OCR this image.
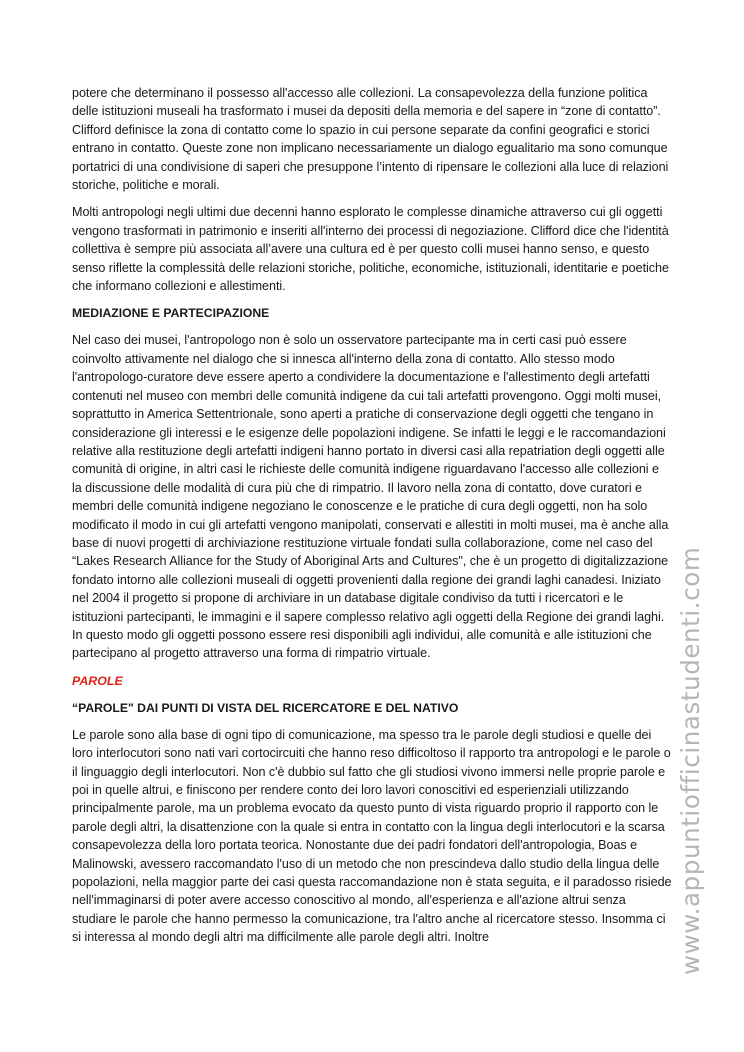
potere che determinano il possesso all'accesso alle collezioni. La consapevolezza della funzione politica delle istituzioni museali ha trasformato i musei da depositi della memoria e del sapere in “zone di contatto”. Clifford definisce la zona di contatto come lo spazio in cui persone separate da confini geografici e storici entrano in contatto. Queste zone non implicano necessariamente un dialogo egualitario ma sono comunque portatrici di una condivisione di saperi che presuppone l’intento di ripensare le collezioni alla luce di relazioni storiche, politiche e morali.

Molti antropologi negli ultimi due decenni hanno esplorato le complesse dinamiche attraverso cui gli oggetti vengono trasformati in patrimonio e inseriti all'interno dei processi di negoziazione. Clifford dice che l'identità collettiva è sempre più associata all’avere una cultura ed è per questo colli musei hanno senso, e questo senso riflette la complessità delle relazioni storiche, politiche, economiche, istituzionali, identitarie e poetiche che informano collezioni e allestimenti.

MEDIAZIONE E PARTECIPAZIONE

Nel caso dei musei, l'antropologo non è solo un osservatore partecipante ma in certi casi può essere coinvolto attivamente nel dialogo che si innesca all'interno della zona di contatto. Allo stesso modo l'antropologo-curatore deve essere aperto a condividere la documentazione e l'allestimento degli artefatti contenuti nel museo con membri delle comunità indigene da cui tali artefatti provengono. Oggi molti musei, soprattutto in America Settentrionale, sono aperti a pratiche di conservazione degli oggetti che tengano in considerazione gli interessi e le esigenze delle popolazioni indigene. Se infatti le leggi e le raccomandazioni relative alla restituzione degli artefatti indigeni hanno portato in diversi casi alla repatriation degli oggetti alle comunità di origine, in altri casi le richieste delle comunità indigene riguardavano l'accesso alle collezioni e la discussione delle modalità di cura più che di rimpatrio. Il lavoro nella zona di contatto, dove curatori e membri delle comunità indigene negoziano le conoscenze e le pratiche di cura degli oggetti, non ha solo modificato il modo in cui gli artefatti vengono manipolati, conservati e allestiti in molti musei, ma è anche alla base di nuovi progetti di archiviazione restituzione virtuale fondati sulla collaborazione, come nel caso del “Lakes Research Alliance for the Study of Aboriginal Arts and Cultures", che è un progetto di digitalizzazione fondato intorno alle collezioni museali di oggetti provenienti dalla regione dei grandi laghi canadesi. Iniziato nel 2004 il progetto si propone di archiviare in un database digitale condiviso da tutti i ricercatori e le istituzioni partecipanti, le immagini e il sapere complesso relativo agli oggetti della Regione dei grandi laghi. In questo modo gli oggetti possono essere resi disponibili agli individui, alle comunità e alle istituzioni che partecipano al progetto attraverso una forma di rimpatrio virtuale.

PAROLE

“PAROLE" DAI PUNTI DI VISTA DEL RICERCATORE E DEL NATIVO

Le parole sono alla base di ogni tipo di comunicazione, ma spesso tra le parole degli studiosi e quelle dei loro interlocutori sono nati vari cortocircuiti che hanno reso difficoltoso il rapporto tra antropologi e le parole o il linguaggio degli interlocutori. Non c'è dubbio sul fatto che gli studiosi vivono immersi nelle proprie parole e poi in quelle altrui, e finiscono per rendere conto dei loro lavori conoscitivi ed esperienziali utilizzando principalmente parole, ma un problema evocato da questo punto di vista riguardo proprio il rapporto con le parole degli altri, la disattenzione con la quale si entra in contatto con la lingua degli interlocutori e la scarsa consapevolezza della loro portata teorica. Nonostante due dei padri fondatori dell'antropologia, Boas e Malinowski, avessero raccomandato l'uso di un metodo che non prescindeva dallo studio della lingua delle popolazioni, nella maggior parte dei casi questa raccomandazione non è stata seguita, e il paradosso risiede nell'immaginarsi di poter avere accesso conoscitivo al mondo, all'esperienza e all'azione altrui senza studiare le parole che hanno permesso la comunicazione, tra l'altro anche al ricercatore stesso. Insomma ci si interessa al mondo degli altri ma difficilmente alle parole degli altri. Inoltre	www.appuntiofficinastudenti.com
